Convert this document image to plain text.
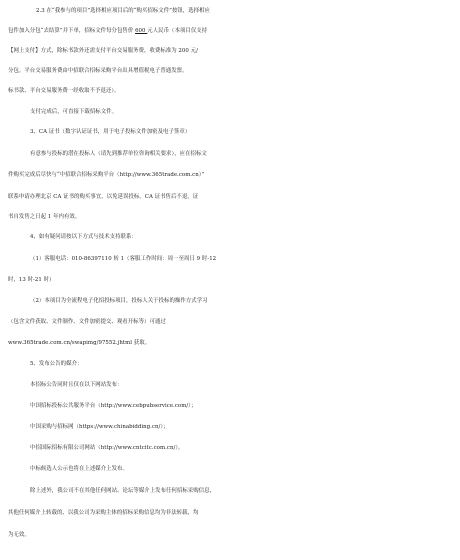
2.3 在“我参与的项目”选择相应项目后的“购买招标文件”按钮，选择相应
包件加入分包“去结算”并下单，招标文件每分包售价 600 元人民币（本项目仅支持
【网上支付】方式，除标书款外还需支付平台交易服务费，收费标准为 200 元/
分包。平台交易服务费由中招联合招标采购平台出具增值税电子普通发票。
标书款、平台交易服务费一经收取不予退还）。
支付完成后，可直接下载招标文件。
3、CA 证书（数字认证证书，用于电子投标文件加密及电子签章）
有意参与投标的潜在投标人（请先到推荐单位咨询相关要求），应在招标文
件购买完成后尽快与“中招联合招标采购平台（http://www.365trade.com.cn）”
联系申请办理北京 CA 证书的购买事宜，以免延误投标。CA 证书售后不退，证
书自发售之日起 1 年内有效。
4、如有疑问请按以下方式与技术支持联系：
（1）客服电话：010-86397110 转 1（客服工作时间：周一至周日 9 时-12
时，13 时-21 时）
（2）本项目为全流程电子化招投标项目，投标人关于投标的操作方式学习
（包含文件获取、文件制作、文件加密提交、观看开标等）可通过
www.365trade.com.cn/swapimg/97552.jhtml 获取。
5、发布公告的媒介：
本招标公告同时且仅在以下网站发布：
中国招标投标公共服务平台（http://www.cebpubservice.com/）；
中国采购与招标网（https://www.chinabidding.cn/）；
中招国际招标有限公司网站（http://www.cntcitc.com.cn/）。
中标候选人公示也将在上述媒介上发布。
除上述外，我公司不在其他任何网站、论坛等媒介上发布任何招标采购信息，
其他任何媒介上转载的、以我公司为采购主体的招标采购信息均为非法转载，均
为无效。
